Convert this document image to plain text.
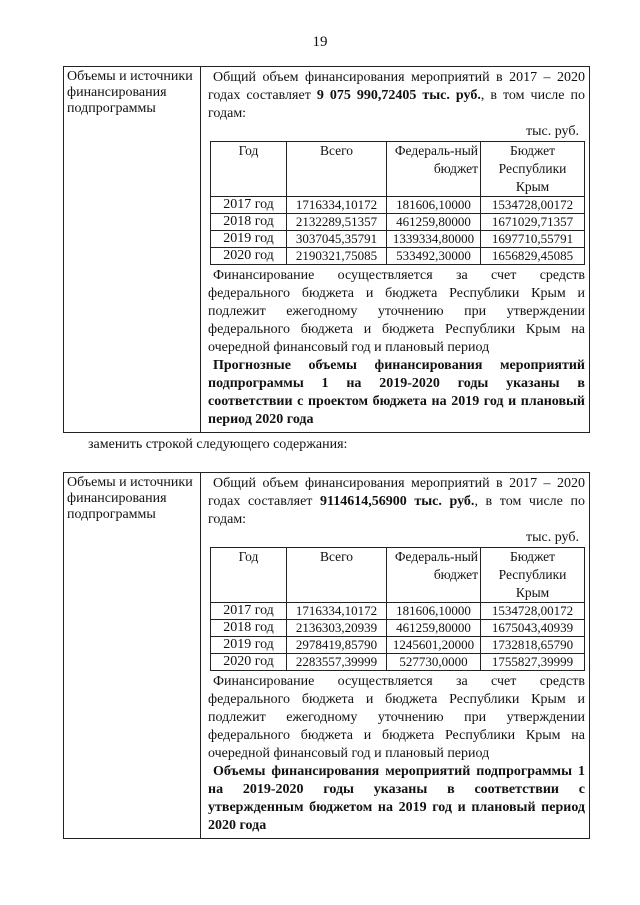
19
Объемы и источники финансирования подпрограммы	
Общий объем финансирования мероприятий в 2017 – 2020 годах составляет 9 075 990,72405 тыс. руб., в том числе по годам:
тыс. руб.
Год	Всего	Федераль-ный бюджет	Бюджет Республики Крым
2017 год	1716334,10172	181606,10000	1534728,00172
2018 год	2132289,51357	461259,80000	1671029,71357
2019 год	3037045,35791	1339334,80000	1697710,55791
2020 год	2190321,75085	533492,30000	1656829,45085
Финансирование осуществляется за счет средств федерального бюджета и бюджета Республики Крым и подлежит ежегодному уточнению при утверждении федерального бюджета и бюджета Республики Крым на очередной финансовый год и плановый период
Прогнозные объемы финансирования мероприятий подпрограммы 1 на 2019-2020 годы указаны в соответствии с проектом бюджета на 2019 год и плановый период 2020 года
заменить строкой следующего содержания:
Объемы и источники финансирования подпрограммы	
Общий объем финансирования мероприятий в 2017 – 2020 годах составляет 9114614,56900 тыс. руб., в том числе по годам:
тыс. руб.
Год	Всего	Федераль-ный бюджет	Бюджет Республики Крым
2017 год	1716334,10172	181606,10000	1534728,00172
2018 год	2136303,20939	461259,80000	1675043,40939
2019 год	2978419,85790	1245601,20000	1732818,65790
2020 год	2283557,39999	527730,0000	1755827,39999
Финансирование осуществляется за счет средств федерального бюджета и бюджета Республики Крым и подлежит ежегодному уточнению при утверждении федерального бюджета и бюджета Республики Крым на очередной финансовый год и плановый период
Объемы финансирования мероприятий подпрограммы 1 на 2019-2020 годы указаны в соответствии с утвержденным бюджетом на 2019 год и плановый период 2020 года
